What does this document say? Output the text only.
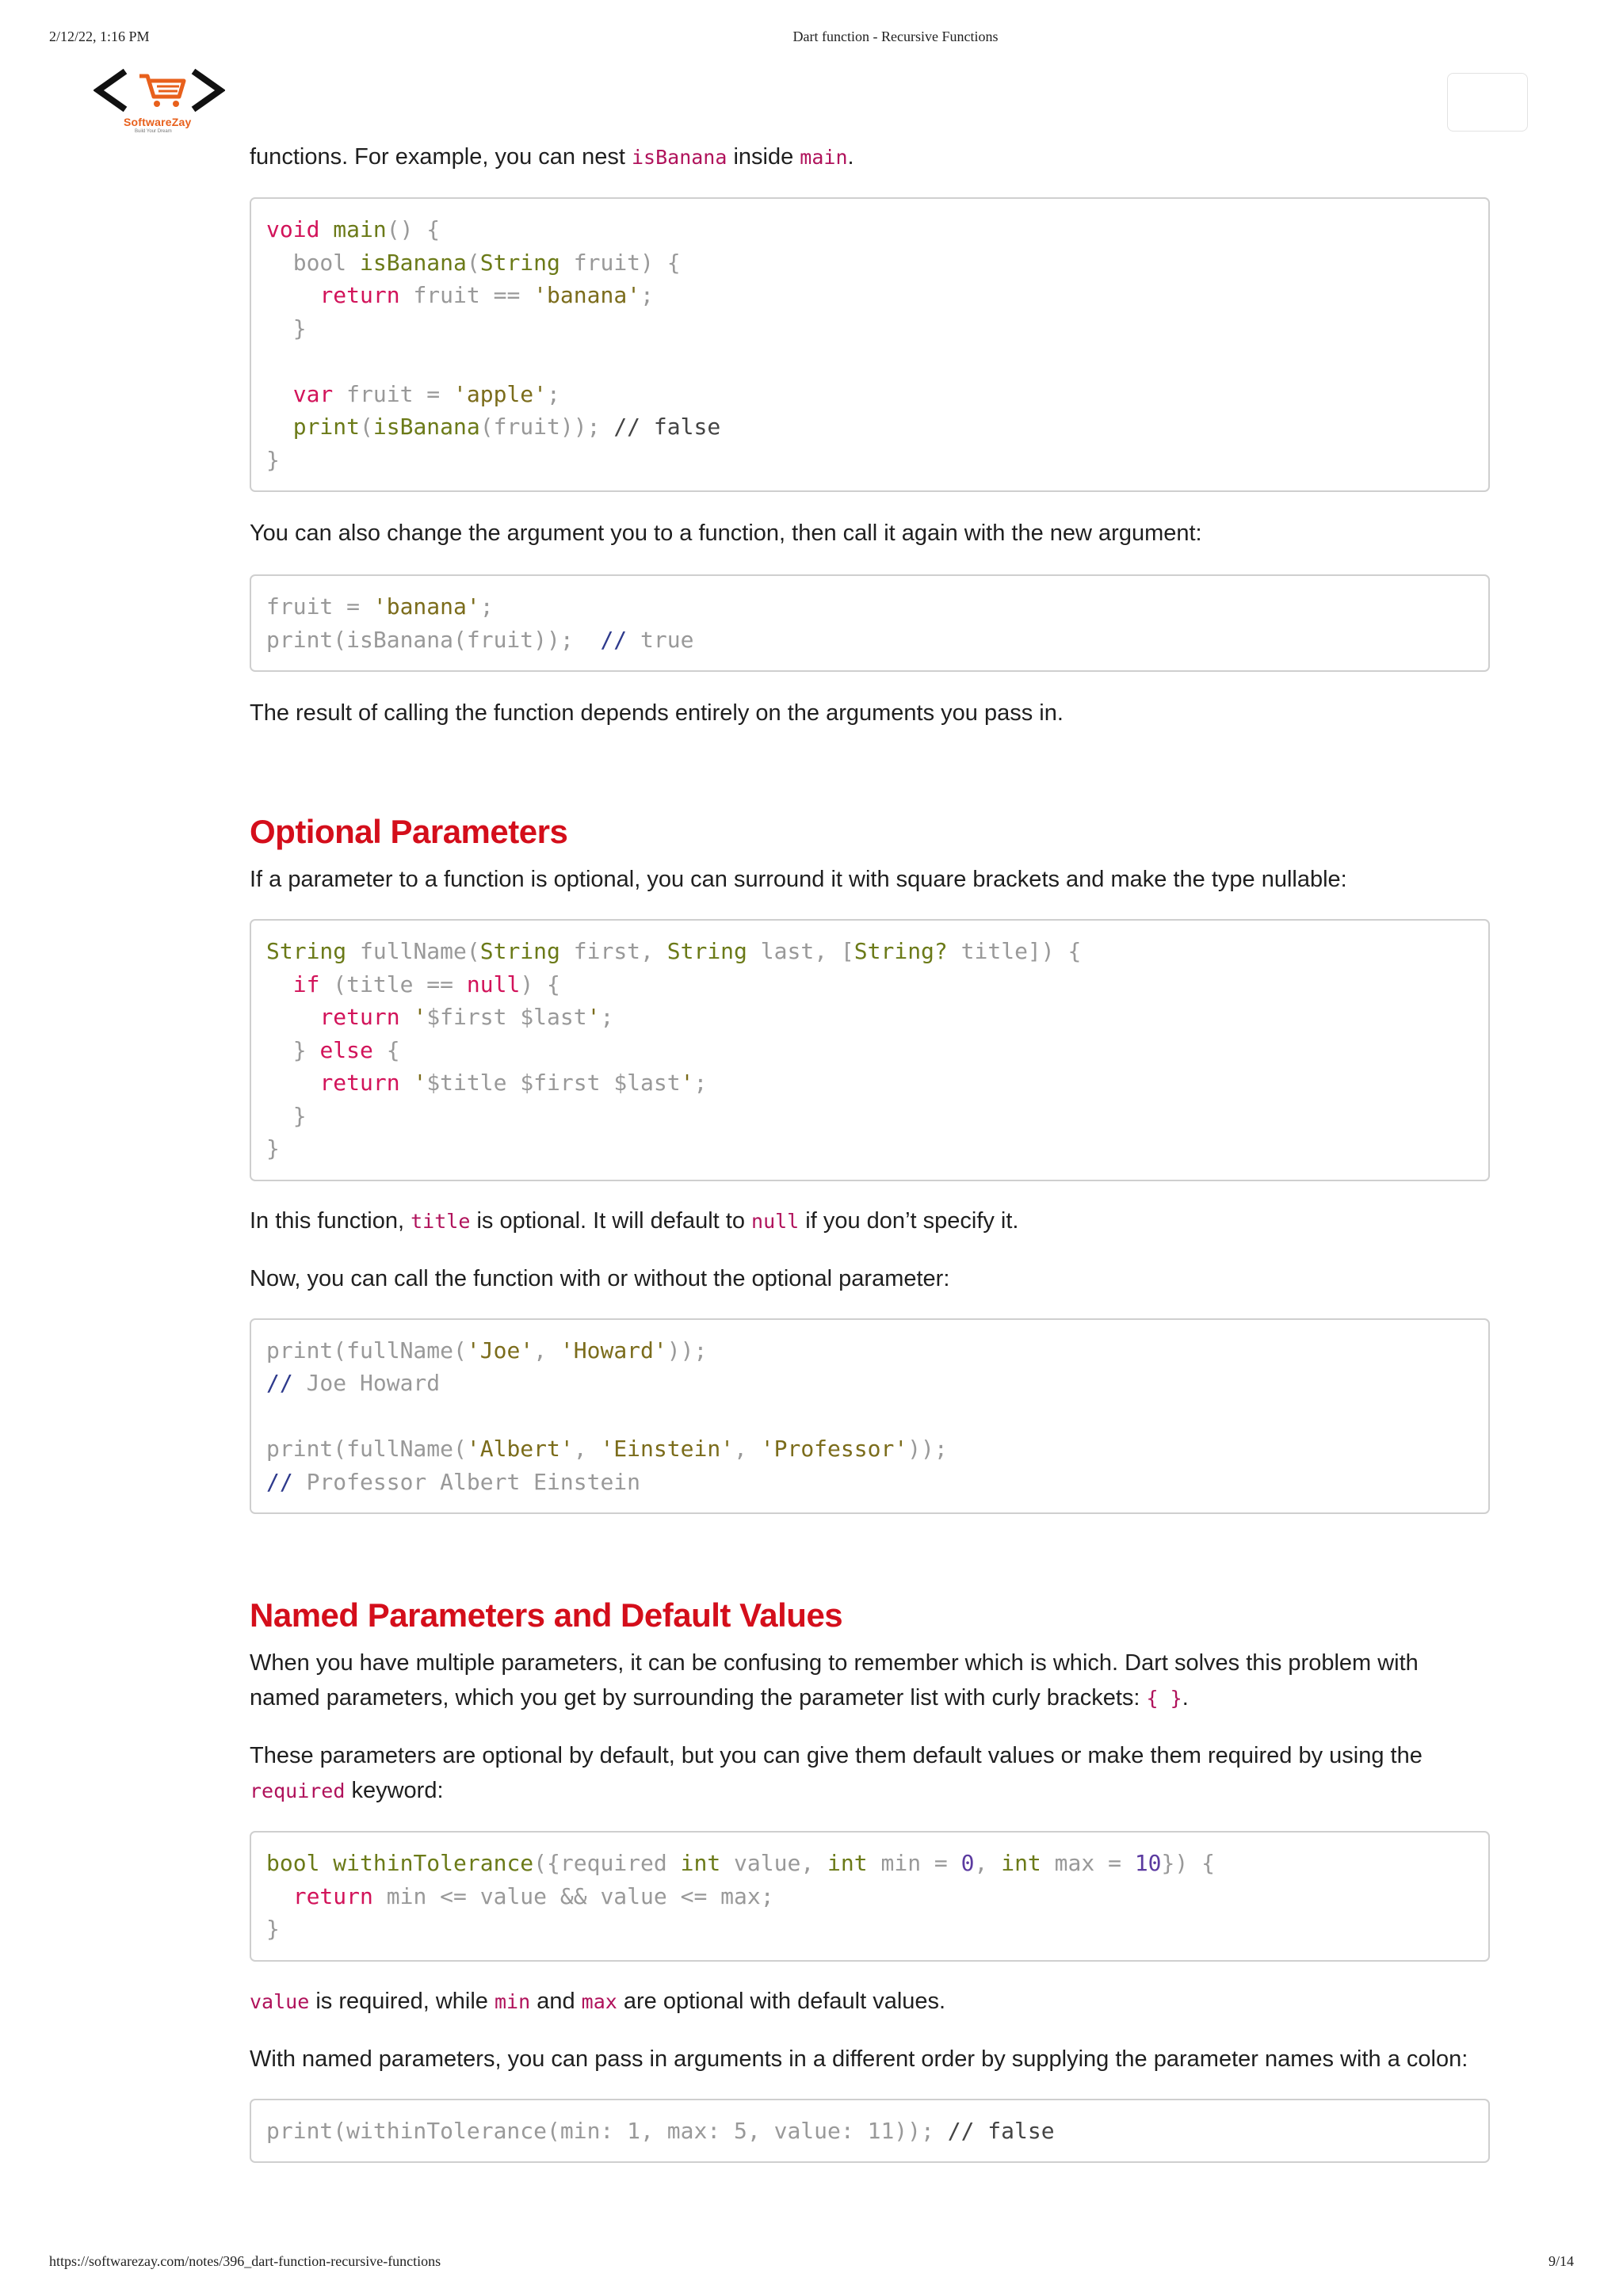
2/12/22, 1:16 PM	Dart function - Recursive Functions
SoftwareZay
Build Your Dream

functions. For example, you can nest isBanana inside main.

void main() {
bool isBanana(String fruit) {
return fruit == 'banana';
}

var fruit = 'apple';
print(isBanana(fruit)); // false
}

You can also change the argument you to a function, then call it again with the new argument:

fruit = 'banana';
print(isBanana(fruit));  // true

The result of calling the function depends entirely on the arguments you pass in.

Optional Parameters

If a parameter to a function is optional, you can surround it with square brackets and make the type nullable:

String fullName(String first, String last, [String? title]) {
if (title == null) {
return '$first $last';
} else {
return '$title $first $last';
}
}

In this function, title is optional. It will default to null if you don’t specify it.

Now, you can call the function with or without the optional parameter:

print(fullName('Joe', 'Howard'));
// Joe Howard

print(fullName('Albert', 'Einstein', 'Professor'));
// Professor Albert Einstein
Named Parameters and Default Values

When you have multiple parameters, it can be confusing to remember which is which. Dart solves this problem with named parameters, which you get by surrounding the parameter list with curly brackets: { }.

These parameters are optional by default, but you can give them default values or make them required by using the required keyword:

bool withinTolerance({required int value, int min = 0, int max = 10}) {
return min <= value && value <= max;
}

value is required, while min and max are optional with default values.

With named parameters, you can pass in arguments in a different order by supplying the parameter names with a colon:

print(withinTolerance(min: 1, max: 5, value: 11)); // false
https://softwarezay.com/notes/396_dart-function-recursive-functions	9/14
